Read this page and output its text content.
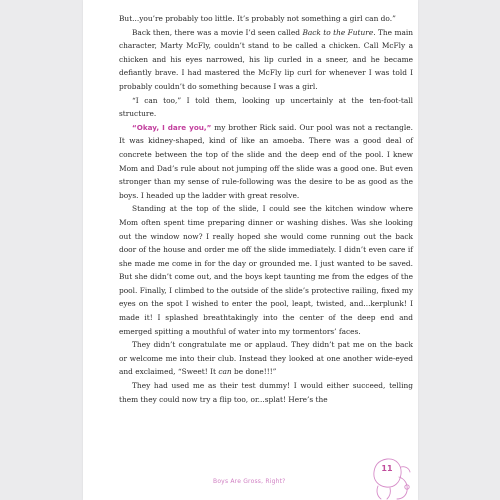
But...you’re probably too little. It’s probably not something a girl can do.”

Back then, there was a movie I’d seen called Back to the Future. The main character, Marty McFly, couldn’t stand to be called a chicken. Call McFly a chicken and his eyes narrowed, his lip curled in a sneer, and he became defiantly brave. I had mastered the McFly lip curl for whenever I was told I probably couldn’t do something because I was a girl.

“I can too,” I told them, looking up uncertainly at the ten-foot-tall structure.

“Okay, I dare you,” my brother Rick said. Our pool was not a rectangle. It was kidney-shaped, kind of like an amoeba. There was a good deal of concrete between the top of the slide and the deep end of the pool. I knew Mom and Dad’s rule about not jumping off the slide was a good one. But even stronger than my sense of rule-following was the desire to be as good as the boys. I headed up the ladder with great resolve.

Standing at the top of the slide, I could see the kitchen window where Mom often spent time preparing dinner or washing dishes. Was she looking out the window now? I really hoped she would come running out the back door of the house and order me off the slide immediately. I didn’t even care if she made me come in for the day or grounded me. I just wanted to be saved. But she didn’t come out, and the boys kept taunting me from the edges of the pool. Finally, I climbed to the outside of the slide’s protective railing, fixed my eyes on the spot I wished to enter the pool, leapt, twisted, and...kerplunk! I made it! I splashed breathtakingly into the center of the deep end and emerged spitting a mouthful of water into my tormentors’ faces.

They didn’t congratulate me or applaud. They didn’t pat me on the back or welcome me into their club. Instead they looked at one another wide-eyed and exclaimed, “Sweet! It can be done!!!”

They had used me as their test dummy! I would either succeed, telling them they could now try a flip too, or...splat! Here’s the

Boys Are Gross, Right?
11
